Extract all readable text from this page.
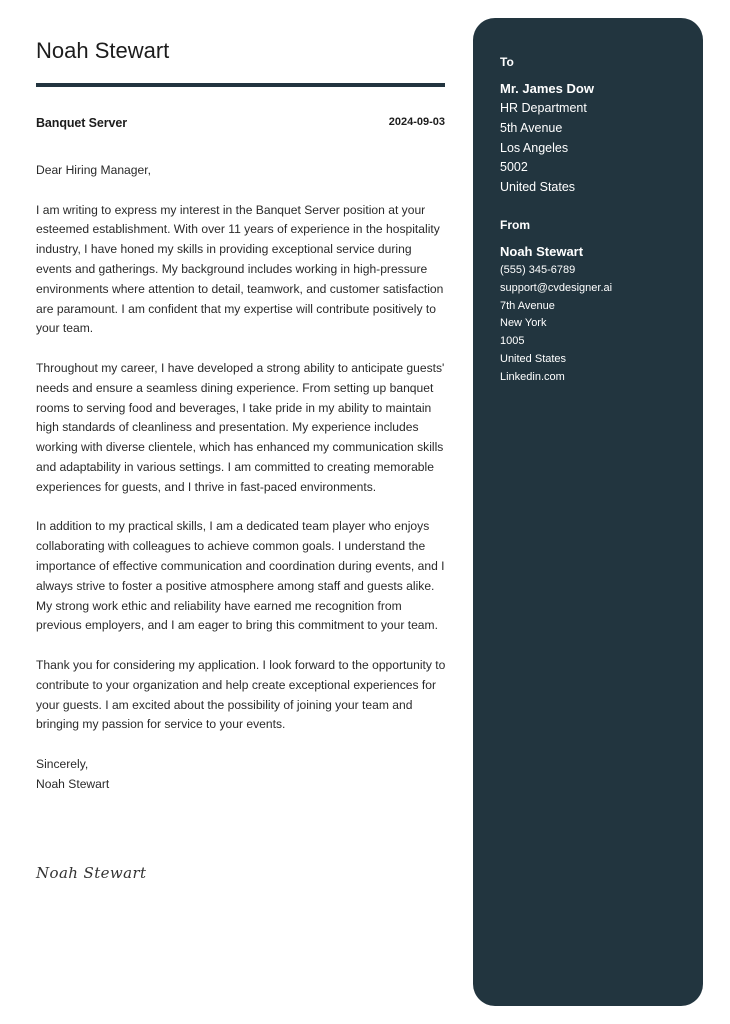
Noah Stewart
Banquet Server	2024-09-03

Dear Hiring Manager,

I am writing to express my interest in the Banquet Server position at your esteemed establishment. With over 11 years of experience in the hospitality industry, I have honed my skills in providing exceptional service during events and gatherings. My background includes working in high-pressure environments where attention to detail, teamwork, and customer satisfaction are paramount. I am confident that my expertise will contribute positively to your team.

Throughout my career, I have developed a strong ability to anticipate guests' needs and ensure a seamless dining experience. From setting up banquet rooms to serving food and beverages, I take pride in my ability to maintain high standards of cleanliness and presentation. My experience includes working with diverse clientele, which has enhanced my communication skills and adaptability in various settings. I am committed to creating memorable experiences for guests, and I thrive in fast-paced environments.

In addition to my practical skills, I am a dedicated team player who enjoys collaborating with colleagues to achieve common goals. I understand the importance of effective communication and coordination during events, and I always strive to foster a positive atmosphere among staff and guests alike. My strong work ethic and reliability have earned me recognition from previous employers, and I am eager to bring this commitment to your team.

Thank you for considering my application. I look forward to the opportunity to contribute to your organization and help create exceptional experiences for your guests. I am excited about the possibility of joining your team and bringing my passion for service to your events.

Sincerely,
Noah Stewart
Noah Stewart
To
Mr. James Dow
HR Department
5th Avenue
Los Angeles
5002
United States
From
Noah Stewart
(555) 345-6789
support@cvdesigner.ai
7th Avenue
New York
1005
United States
Linkedin.com
